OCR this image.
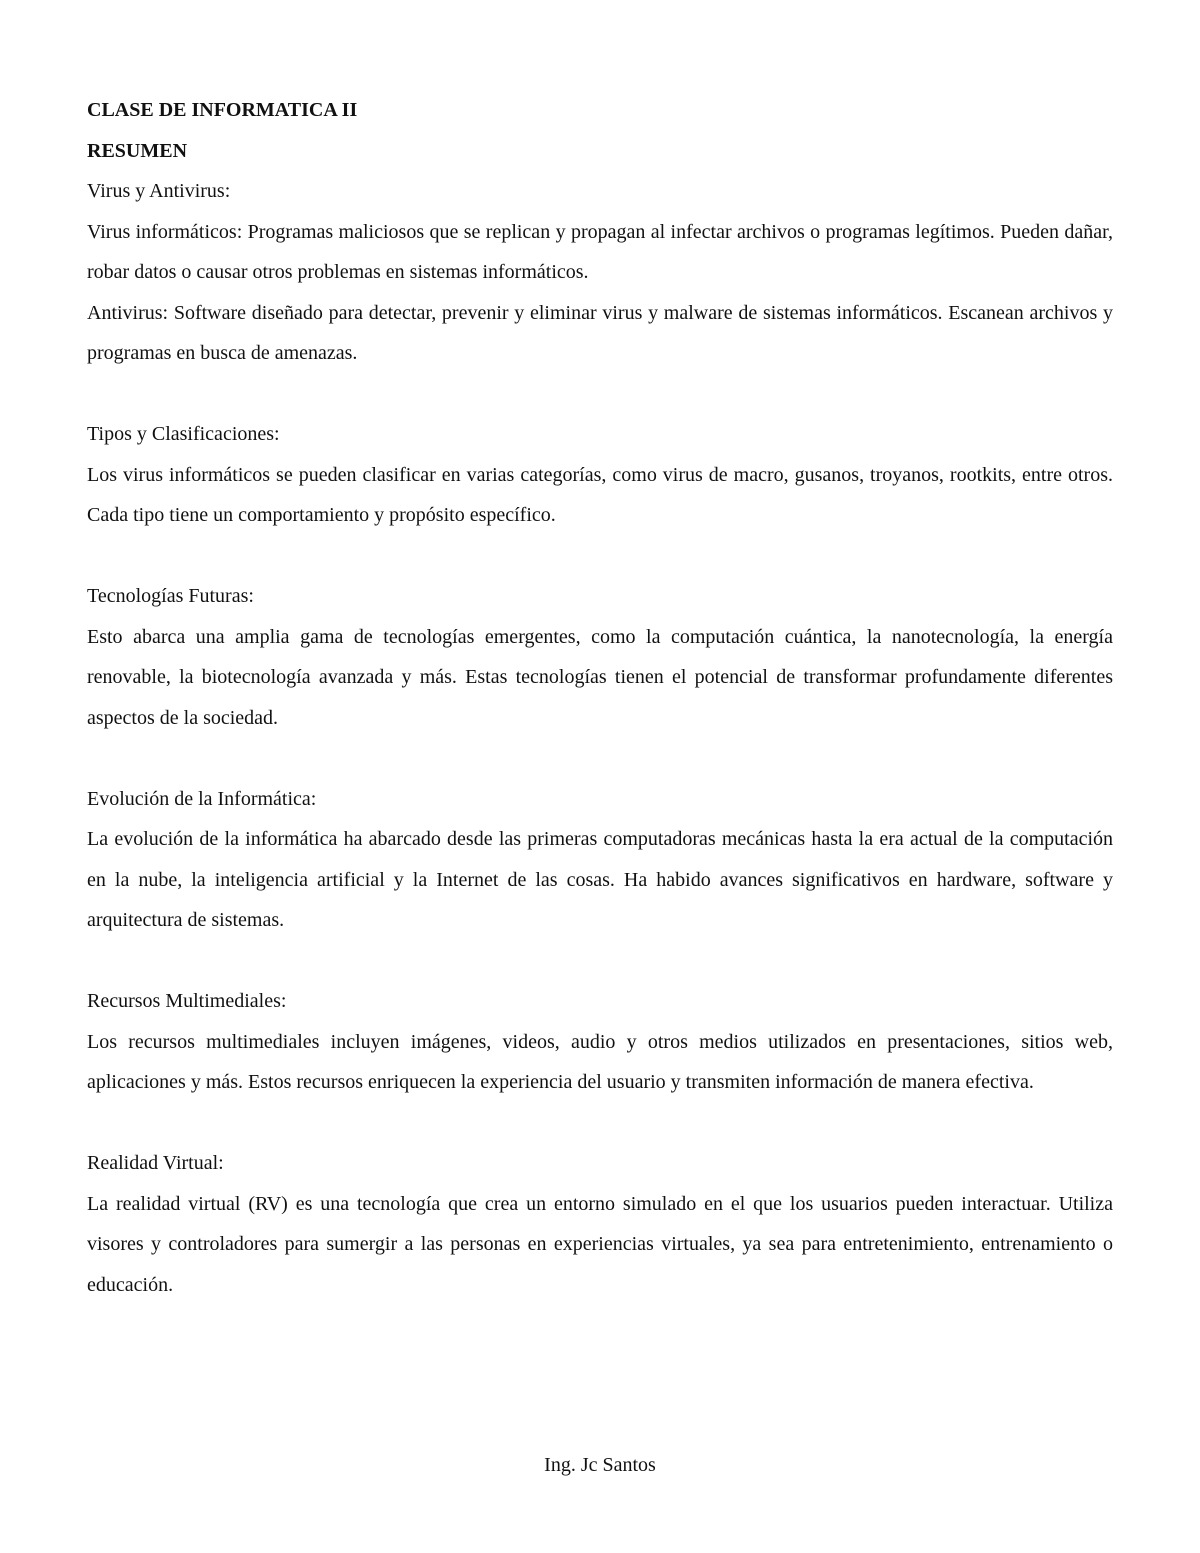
CLASE DE INFORMATICA II
RESUMEN
Virus y Antivirus:

Virus informáticos: Programas maliciosos que se replican y propagan al infectar archivos o programas legítimos. Pueden dañar, robar datos o causar otros problemas en sistemas informáticos.

Antivirus: Software diseñado para detectar, prevenir y eliminar virus y malware de sistemas informáticos. Escanean archivos y programas en busca de amenazas.

Tipos y Clasificaciones:

Los virus informáticos se pueden clasificar en varias categorías, como virus de macro, gusanos, troyanos, rootkits, entre otros. Cada tipo tiene un comportamiento y propósito específico.

Tecnologías Futuras:

Esto abarca una amplia gama de tecnologías emergentes, como la computación cuántica, la nanotecnología, la energía renovable, la biotecnología avanzada y más. Estas tecnologías tienen el potencial de transformar profundamente diferentes aspectos de la sociedad.

Evolución de la Informática:

La evolución de la informática ha abarcado desde las primeras computadoras mecánicas hasta la era actual de la computación en la nube, la inteligencia artificial y la Internet de las cosas. Ha habido avances significativos en hardware, software y arquitectura de sistemas.

Recursos Multimediales:

Los recursos multimediales incluyen imágenes, videos, audio y otros medios utilizados en presentaciones, sitios web, aplicaciones y más. Estos recursos enriquecen la experiencia del usuario y transmiten información de manera efectiva.

Realidad Virtual:

La realidad virtual (RV) es una tecnología que crea un entorno simulado en el que los usuarios pueden interactuar. Utiliza visores y controladores para sumergir a las personas en experiencias virtuales, ya sea para entretenimiento, entrenamiento o educación.

Ing. Jc Santos
